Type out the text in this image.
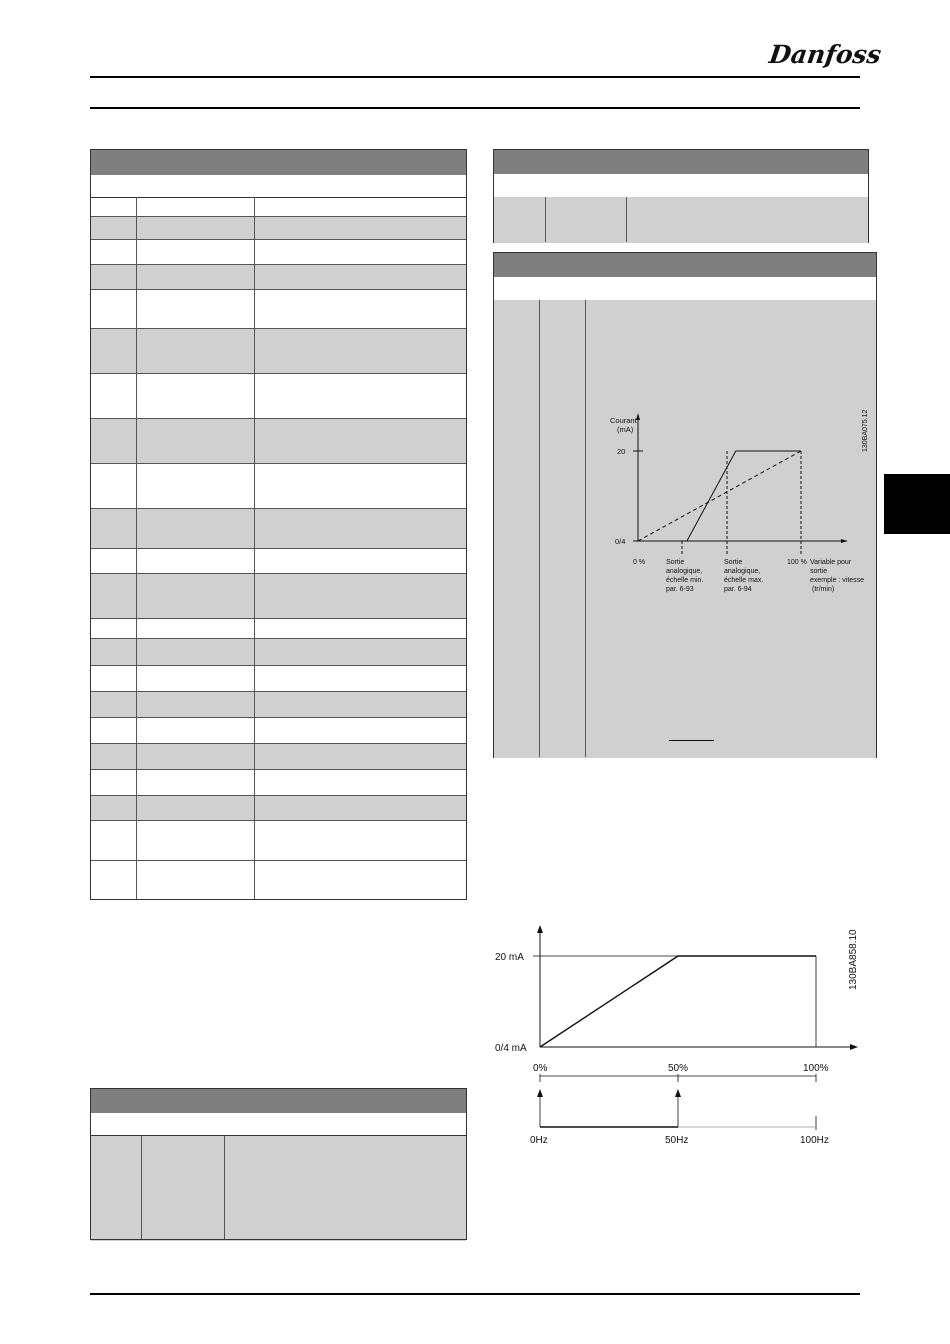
Danfoss
Courant
(mA)
20
0/4
0 %	100 %
Sortie
analogique,
échelle min.
par. 6-93
Sortie
analogique,
échelle max.
par. 6-94
Variable pour
sortie
exemple : vitesse
(tr/min)
130BA075.12
20 mA
0/4 mA
0%	50%	100%
0Hz	50Hz	100Hz
130BA858.10
